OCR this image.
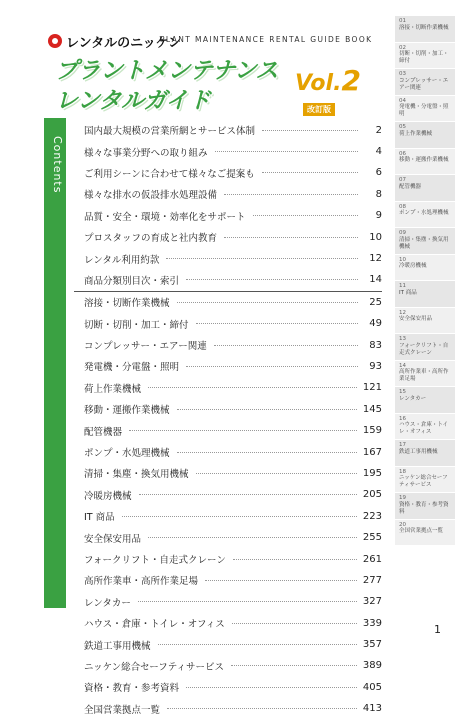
レンタルのニッケン
PLANT MAINTENANCE RENTAL GUIDE BOOK
プラントメンテナンス
レンタルガイド
Vol.2
改訂版
Contents
国内最大規模の営業所網とサービス体制	2
様々な事業分野への取り組み	4
ご利用シーンに合わせて様々なご提案も	6
様々な排水の仮設排水処理設備	8
品質・安全・環境・効率化をサポート	9
プロスタッフの育成と社内教育	10
レンタル利用約款	12
商品分類別目次・索引	14
溶接・切断作業機械	25
切断・切削・加工・締付	49
コンプレッサー・エアー関連	83
発電機・分電盤・照明	93
荷上作業機械	121
移動・運搬作業機械	145
配管機器	159
ポンプ・水処理機械	167
清掃・集塵・換気用機械	195
冷暖房機械	205
IT 商品	223
安全保安用品	255
フォークリフト・自走式クレーン	261
高所作業車・高所作業足場	277
レンタカー	327
ハウス・倉庫・トイレ・オフィス	339
鉄道工事用機械	357
ニッケン総合セーフティサービス	389
資格・教育・参考資料	405
全国営業拠点一覧	413
01
溶接・切断作業機械
02
切断・切削・加工・締付
03
コンプレッサー・エアー関連
04
発電機・分電盤・照明
05
荷上作業機械
06
移動・運搬作業機械
07
配管機器
08
ポンプ・水処理機械
09
清掃・集塵・換気用機械
10
冷暖房機械
11
IT 商品
12
安全保安用品
13
フォークリフト・自走式クレーン
14
高所作業車・高所作業足場
15
レンタカー
16
ハウス・倉庫・トイレ・オフィス
17
鉄道工事用機械
18
ニッケン総合セーフティサービス
19
資格・教育・参考資料
20
全国営業拠点一覧
1
